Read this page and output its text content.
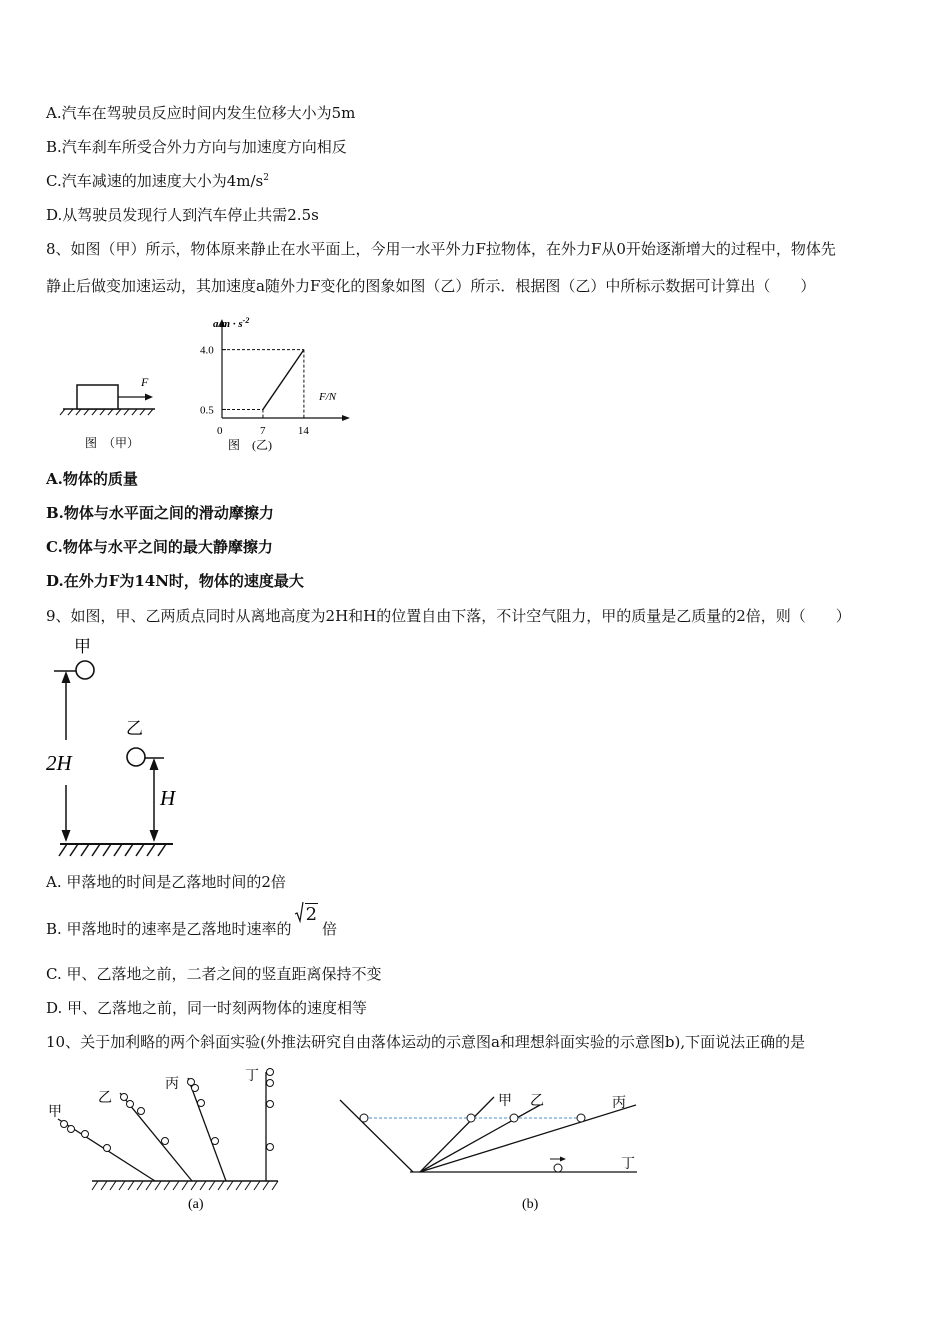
A.汽车在驾驶员反应时间内发生位移大小为5m
B.汽车刹车所受合外力方向与加速度方向相反
C.汽车减速的加速度大小为$4m/s^2$
D.从驾驶员发现行人到汽车停止共需2.5s
8、如图（甲）所示，物体原来静止在水平面上，今用一水平外力F拉物体，在外力F从0开始逐渐增大的过程中，物体先
静止后做变加速运动，其加速度a随外力F变化的图象如图（乙）所示．根据图（乙）中所标示数据可计算出（　　）
F
图　（甲）
$a/m \cdot s^{-2}$
F/N
0
4.0
0.5
7	14
图　(乙)
A.物体的质量
B.物体与水平面之间的滑动摩擦力
C.物体与水平之间的最大静摩擦力
D.在外力F为14N时，物体的速度最大
9、如图，甲、乙两质点同时从离地高度为2H和H的位置自由下落，不计空气阻力，甲的质量是乙质量的2倍，则（　　）
甲
2H
乙
H
A. 甲落地的时间是乙落地时间的2倍
B. 甲落地时的速率是乙落地时速率的
2倍
C. 甲、乙落地之前，二者之间的竖直距离保持不变
D. 甲、乙落地之前，同一时刻两物体的速度相等
10、关于加利略的两个斜面实验(外推法研究自由落体运动的示意图a和理想斜面实验的示意图b),下面说法正确的是
甲
乙
丙
丁
(a)
甲 乙	丙
丁
(b)
